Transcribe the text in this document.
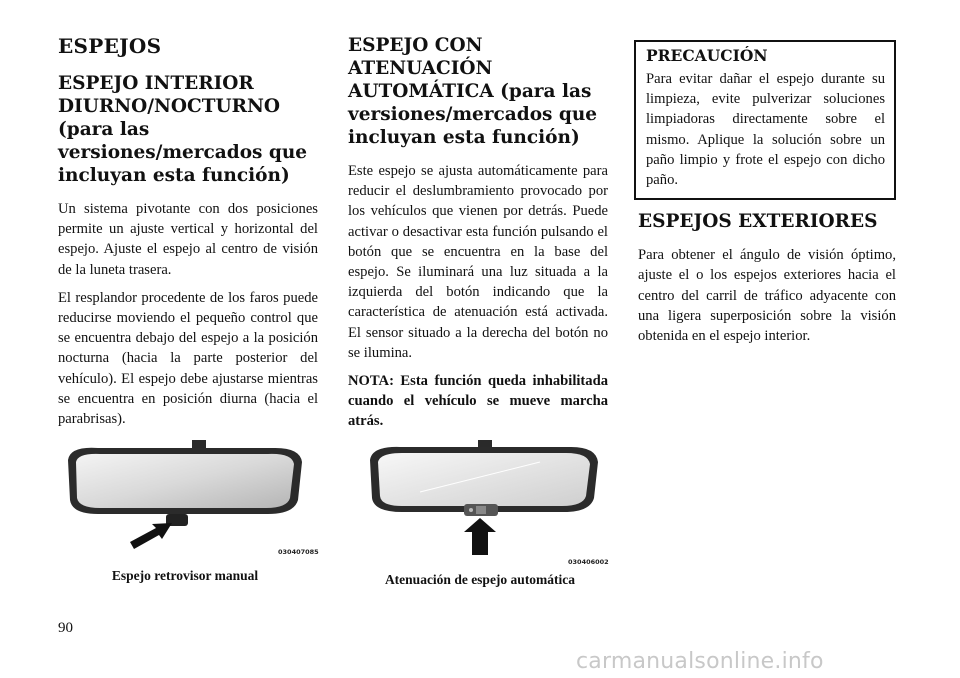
ESPEJOS
ESPEJO INTERIOR DIURNO/NOCTURNO (para las versiones/mercados que incluyan esta función)

Un sistema pivotante con dos posiciones permite un ajuste vertical y horizontal del espejo. Ajuste el espejo al centro de visión de la luneta trasera.

El resplandor procedente de los faros puede reducirse moviendo el pequeño control que se encuentra debajo del espejo a la posición nocturna (hacia la parte posterior del vehículo). El espejo debe ajustarse mientras se encuentra en posición diurna (hacia el parabrisas).

ESPEJO CON ATENUACIÓN AUTOMÁTICA (para las versiones/mercados que incluyan esta función)

Este espejo se ajusta automáticamente para reducir el deslumbramiento provocado por los vehículos que vienen por detrás. Puede activar o desactivar esta función pulsando el botón que se encuentra en la base del espejo. Se iluminará una luz situada a la izquierda del botón indicando que la característica de atenuación está activada. El sensor situado a la derecha del botón no se ilumina.

NOTA: Esta función queda inhabilitada cuando el vehículo se mueve marcha atrás.

PRECAUCIÓN

Para evitar dañar el espejo durante su limpieza, evite pulverizar soluciones limpiadoras directamente sobre el mismo. Aplique la solución sobre un paño limpio y frote el espejo con dicho paño.

ESPEJOS EXTERIORES

Para obtener el ángulo de visión óptimo, ajuste el o los espejos exteriores hacia el centro del carril de tráfico adyacente con una ligera superposición sobre la visión obtenida en el espejo interior.

030407085
Espejo retrovisor manual
030406002
Atenuación de espejo automática
90
carmanualsonline.info
